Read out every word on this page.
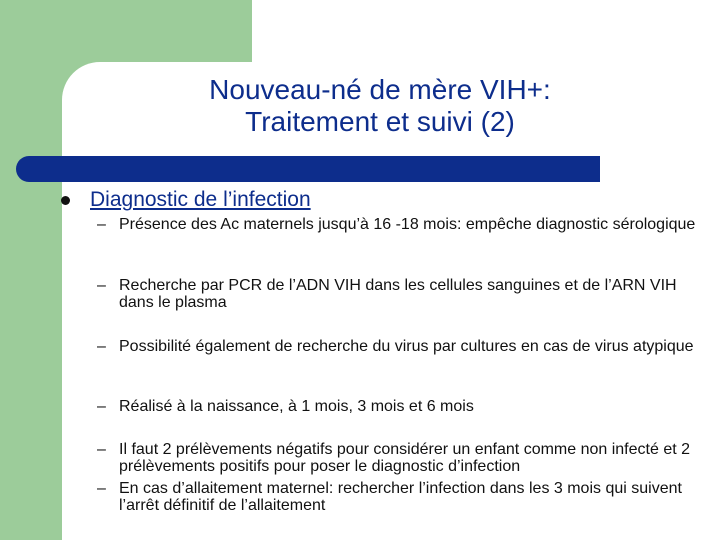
Nouveau-né de mère VIH+:
Traitement et suivi (2)
Diagnostic de l’infection
– Présence des Ac maternels jusqu’à 16 -18 mois: empêche diagnostic sérologique
– Recherche par PCR de l’ADN VIH dans les cellules sanguines et de l’ARN VIH dans le plasma
– Possibilité également de recherche du virus par cultures en cas de virus atypique
– Réalisé à la naissance, à 1 mois, 3 mois et 6 mois
– Il faut 2 prélèvements négatifs pour considérer un enfant comme non infecté et 2 prélèvements positifs pour poser le diagnostic d’infection
– En cas d’allaitement maternel: rechercher l’infection dans les 3 mois qui suivent l’arrêt définitif de l’allaitement
